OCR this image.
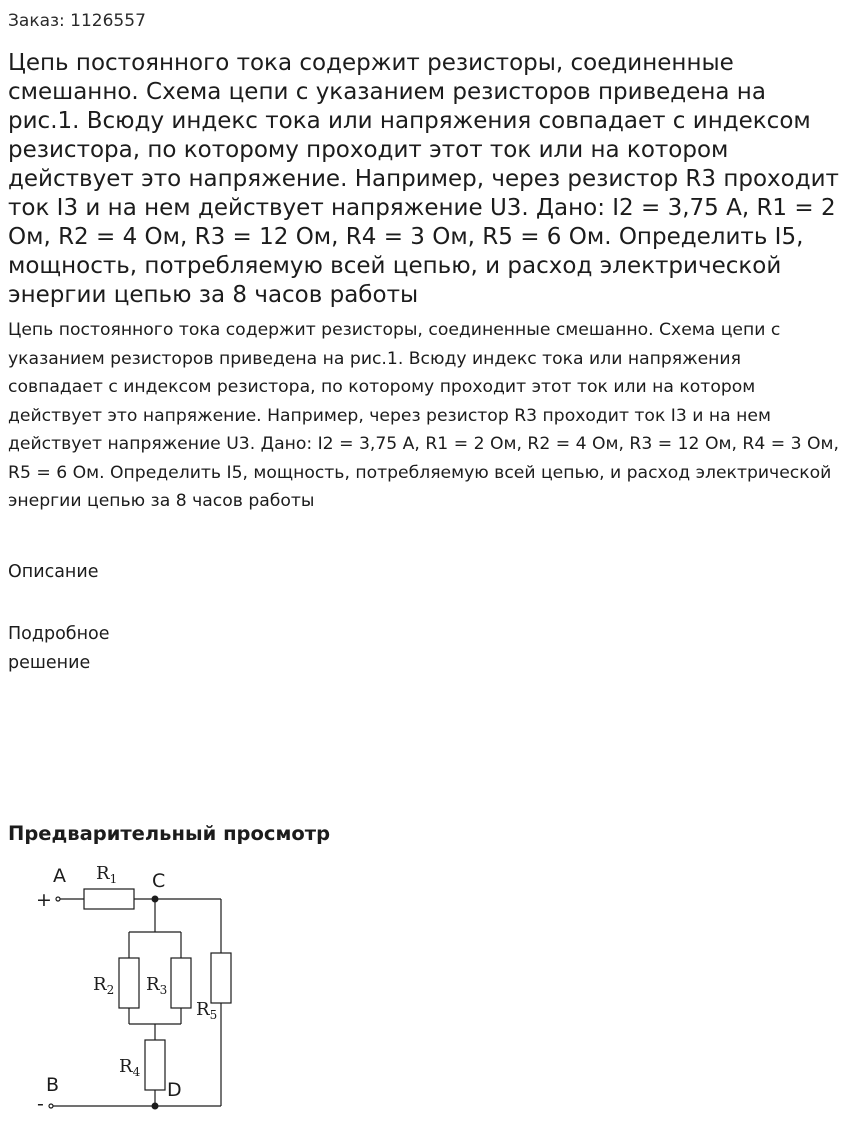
Заказ: 1126557
Цепь постоянного тока содержит резисторы, соединенные смешанно. Схема цепи с указанием резисторов приведена на рис.1. Всюду индекс тока или напряжения совпадает с индексом резистора, по которому проходит этот ток или на котором действует это напряжение. Например, через резистор R3 проходит ток I3 и на нем действует напряжение U3. Дано: I2 = 3,75 А, R1 = 2 Ом, R2 = 4 Ом, R3 = 12 Ом, R4 = 3 Ом, R5 = 6 Ом. Определить I5, мощность, потребляемую всей цепью, и расход электрической энергии цепью за 8 часов работы

Цепь постоянного тока содержит резисторы, соединенные смешанно. Схема цепи с указанием резисторов приведена на рис.1. Всюду индекс тока или напряжения совпадает с индексом резистора, по которому проходит этот ток или на котором действует это напряжение. Например, через резистор R3 проходит ток I3 и на нем действует напряжение U3. Дано: I2 = 3,75 А, R1 = 2 Ом, R2 = 4 Ом, R3 = 12 Ом, R4 = 3 Ом, R5 = 6 Ом. Определить I5, мощность, потребляемую всей цепью, и расход электрической энергии цепью за 8 часов работы

Описание
Подробное решение
Предварительный просмотр
A	C
B	D
+
-
$R_1$
$R_2$ $R_3$
$R_4$
$R_5$
